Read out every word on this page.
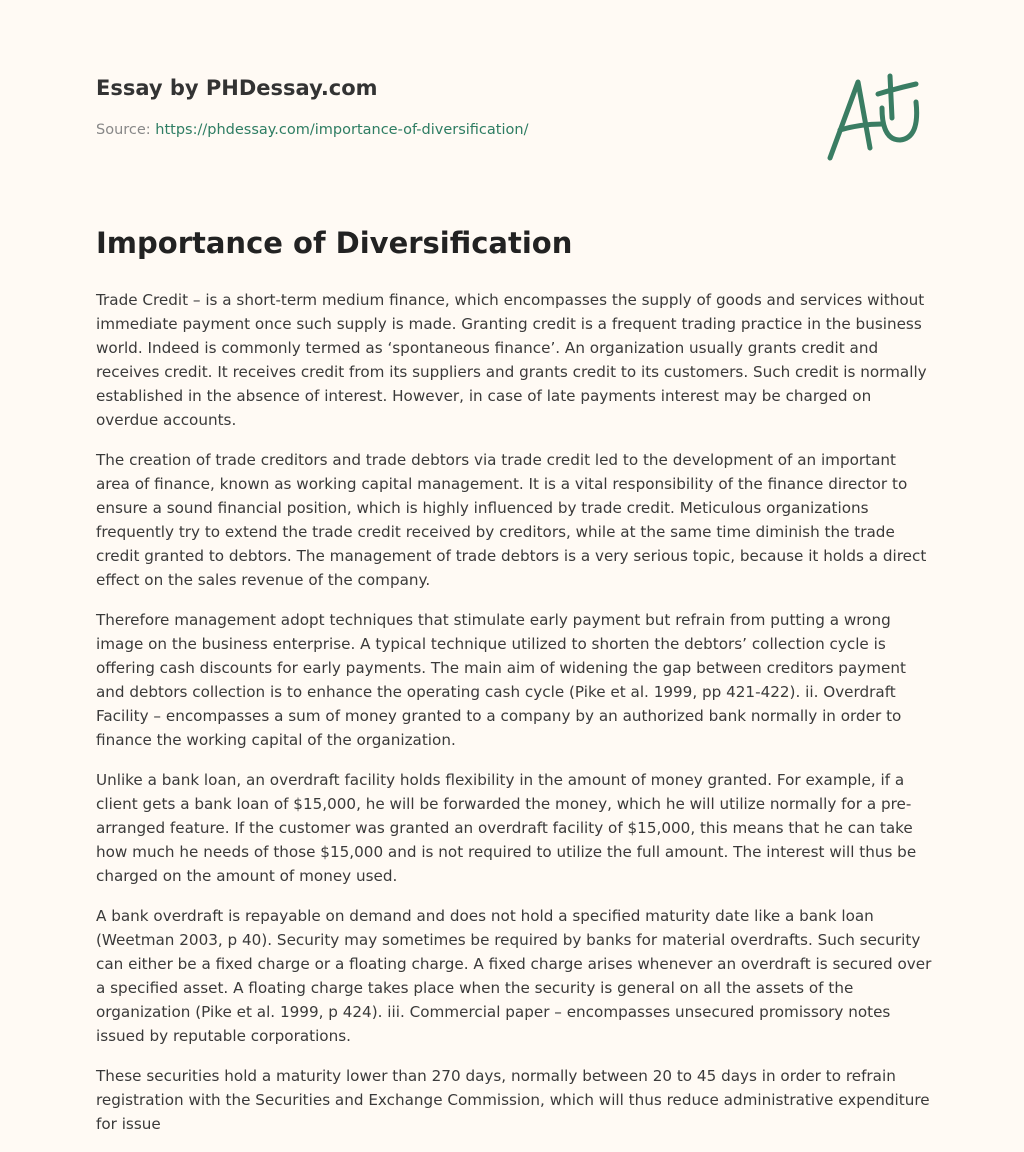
Essay by PHDessay.com
Source: https://phdessay.com/importance-of-diversification/
Importance of Diversification

Trade Credit – is a short-term medium finance, which encompasses the supply of goods and services without immediate payment once such supply is made. Granting credit is a frequent trading practice in the business world. Indeed is commonly termed as ‘spontaneous finance’. An organization usually grants credit and receives credit. It receives credit from its suppliers and grants credit to its customers. Such credit is normally established in the absence of interest. However, in case of late payments interest may be charged on overdue accounts.

The creation of trade creditors and trade debtors via trade credit led to the development of an important area of finance, known as working capital management. It is a vital responsibility of the finance director to ensure a sound financial position, which is highly influenced by trade credit. Meticulous organizations frequently try to extend the trade credit received by creditors, while at the same time diminish the trade credit granted to debtors. The management of trade debtors is a very serious topic, because it holds a direct effect on the sales revenue of the company.

Therefore management adopt techniques that stimulate early payment but refrain from putting a wrong image on the business enterprise. A typical technique utilized to shorten the debtors’ collection cycle is offering cash discounts for early payments. The main aim of widening the gap between creditors payment and debtors collection is to enhance the operating cash cycle (Pike et al. 1999, pp 421-422). ii. Overdraft Facility – encompasses a sum of money granted to a company by an authorized bank normally in order to finance the working capital of the organization.

Unlike a bank loan, an overdraft facility holds flexibility in the amount of money granted. For example, if a client gets a bank loan of $15,000, he will be forwarded the money, which he will utilize normally for a pre-arranged feature. If the customer was granted an overdraft facility of $15,000, this means that he can take how much he needs of those $15,000 and is not required to utilize the full amount. The interest will thus be charged on the amount of money used.

A bank overdraft is repayable on demand and does not hold a specified maturity date like a bank loan (Weetman 2003, p 40). Security may sometimes be required by banks for material overdrafts. Such security can either be a fixed charge or a floating charge. A fixed charge arises whenever an overdraft is secured over a specified asset. A floating charge takes place when the security is general on all the assets of the organization (Pike et al. 1999, p 424). iii. Commercial paper – encompasses unsecured promissory notes issued by reputable corporations.

These securities hold a maturity lower than 270 days, normally between 20 to 45 days in order to refrain registration with the Securities and Exchange Commission, which will thus reduce administrative expenditure for issue
